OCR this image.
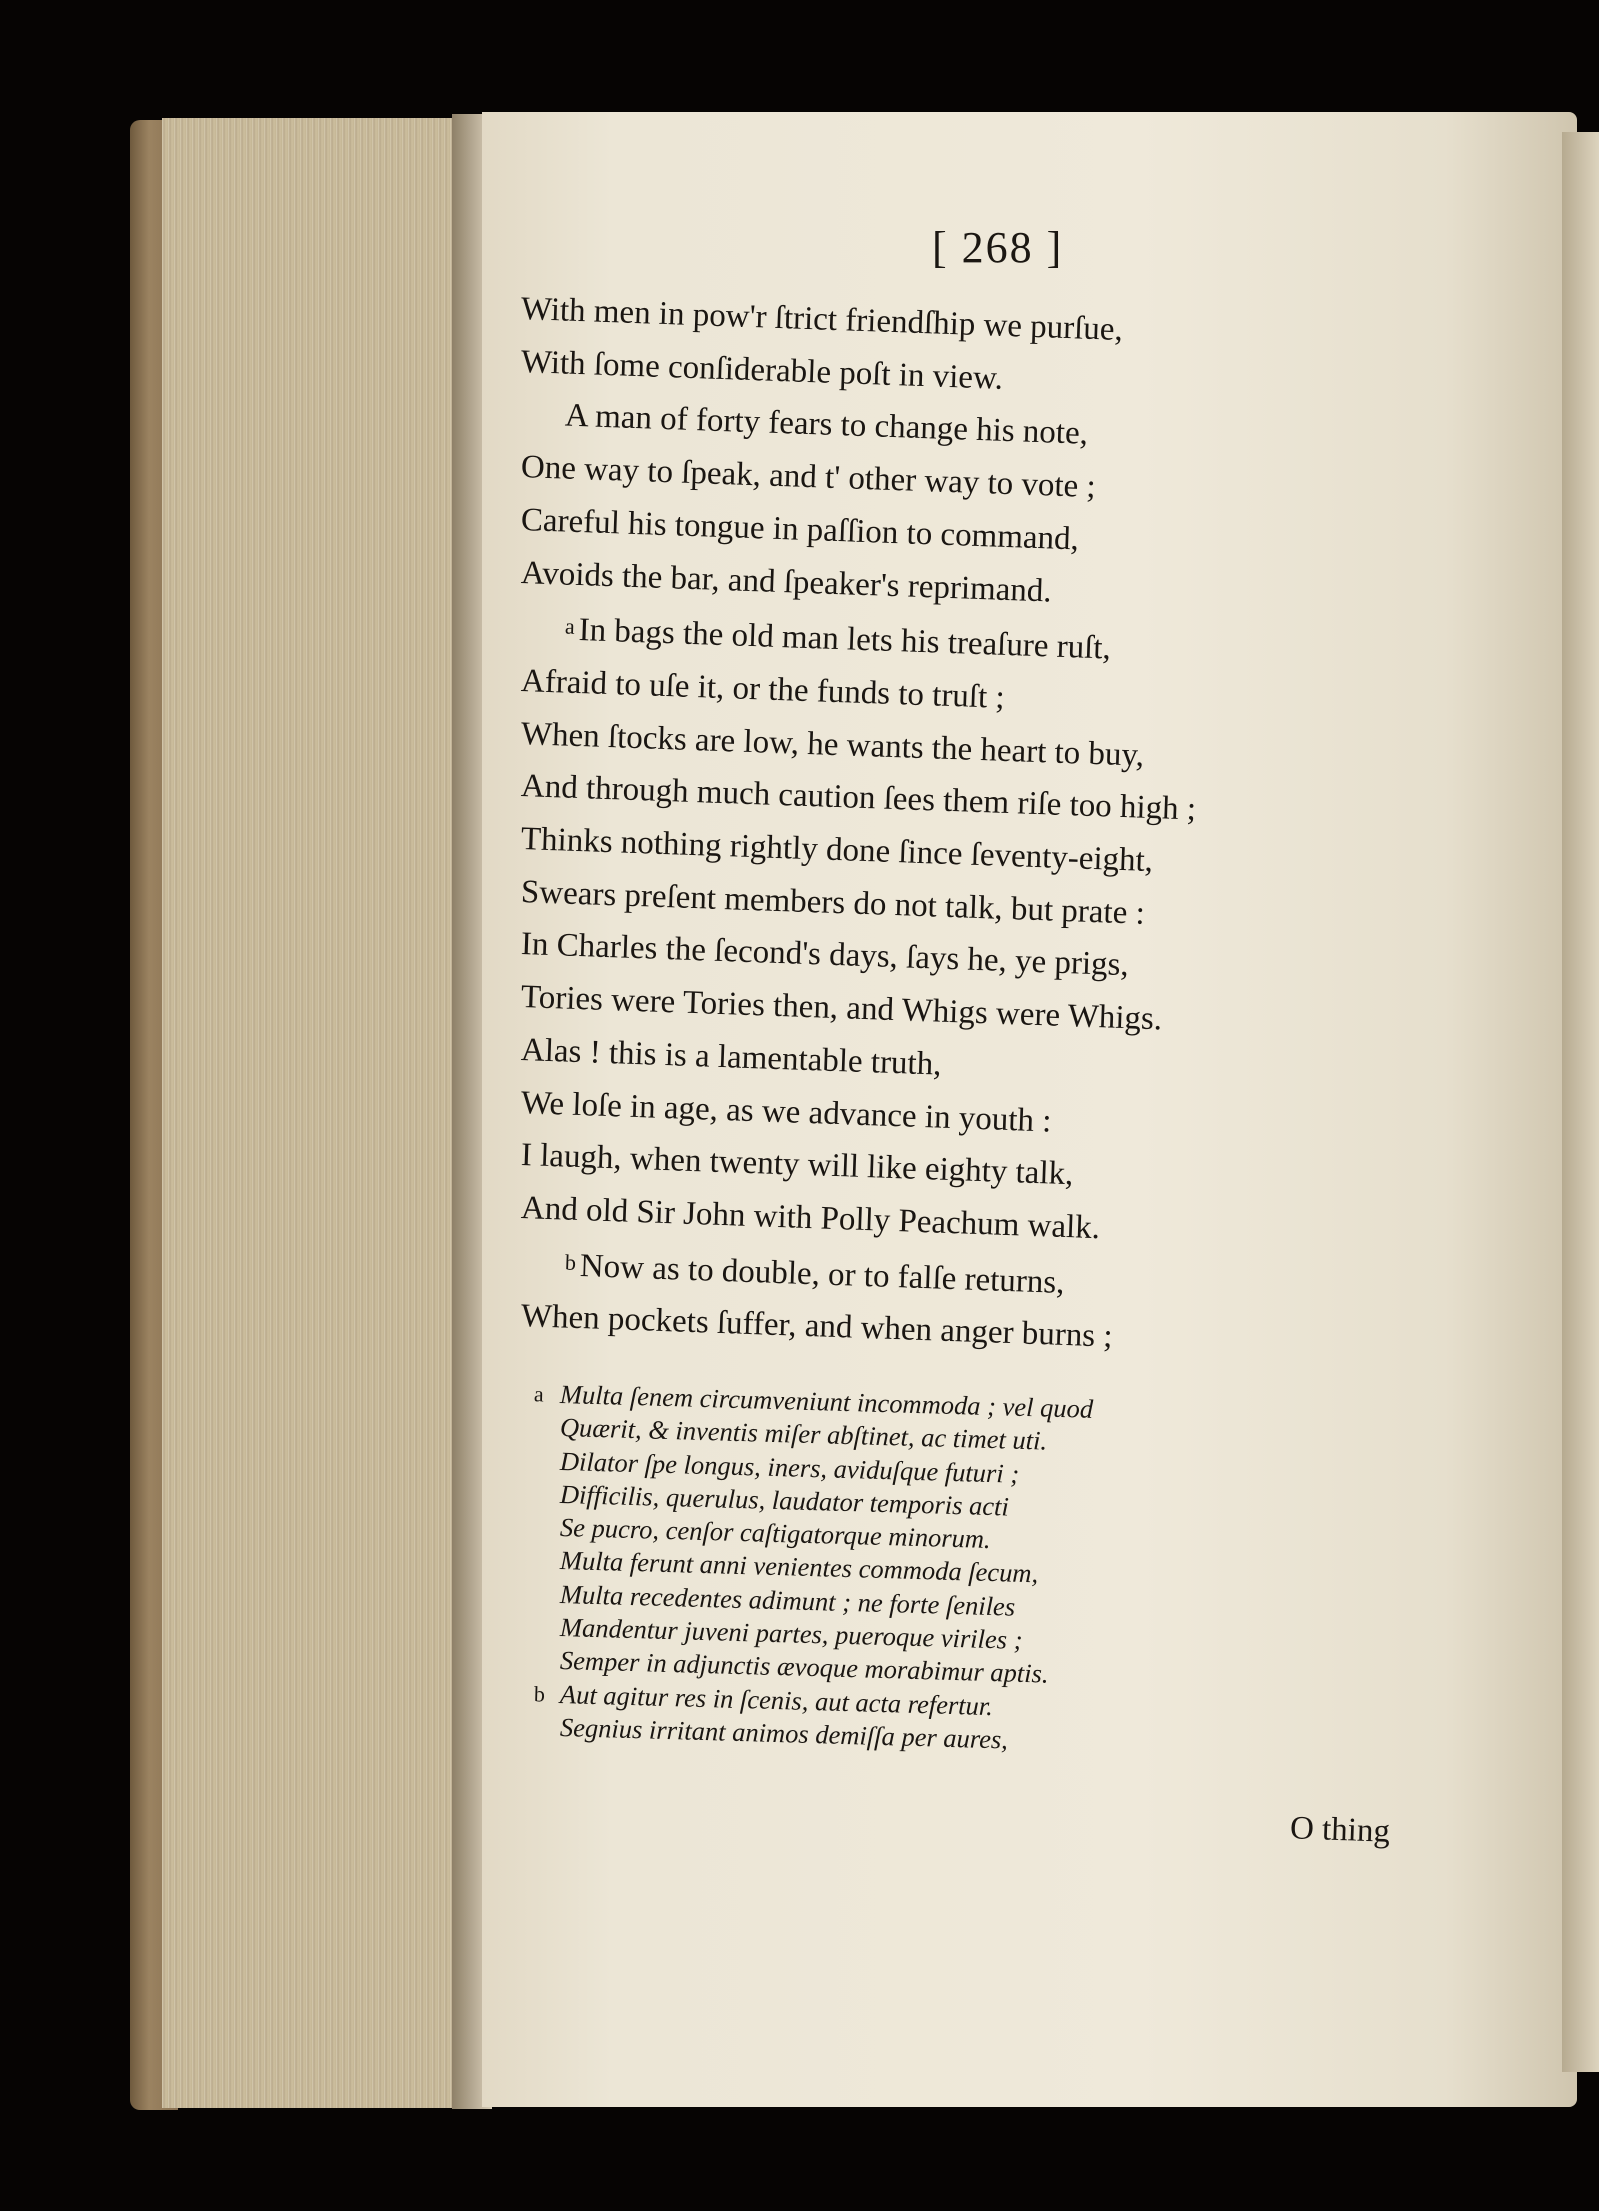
[ 268 ]
With men in pow'r ſtrict friendſhip we purſue,
With ſome conſiderable poſt in view.
A man of forty fears to change his note,
One way to ſpeak, and t' other way to vote ;
Careful his tongue in paſſion to command,
Avoids the bar, and ſpeaker's reprimand.
$^a$In bags the old man lets his treaſure ruſt,
Afraid to uſe it, or the funds to truſt ;
When ſtocks are low, he wants the heart to buy,
And through much caution ſees them riſe too high ;
Thinks nothing rightly done ſince ſeventy-eight,
Swears preſent members do not talk, but prate :
In Charles the ſecond's days, ſays he, ye prigs,
Tories were Tories then, and Whigs were Whigs.
Alas ! this is a lamentable truth,
We loſe in age, as we advance in youth :
I laugh, when twenty will like eighty talk,
And old Sir John with Polly Peachum walk.
$^b$Now as to double, or to falſe returns,
When pockets ſuffer, and when anger burns ;
a Multa ſenem circumveniunt incommoda ; vel quod
Quærit, & inventis miſer abſtinet, ac timet uti.
Dilator ſpe longus, iners, aviduſque futuri ;
Difficilis, querulus, laudator temporis acti
Se pucro, cenſor caſtigatorque minorum.
Multa ferunt anni venientes commoda ſecum,
Multa recedentes adimunt ; ne forte ſeniles
Mandentur juveni partes, pueroque viriles ;
Semper in adjunctis ævoque morabimur aptis.
b Aut agitur res in ſcenis, aut acta refertur.
Segnius irritant animos demiſſa per aures,
O thing
